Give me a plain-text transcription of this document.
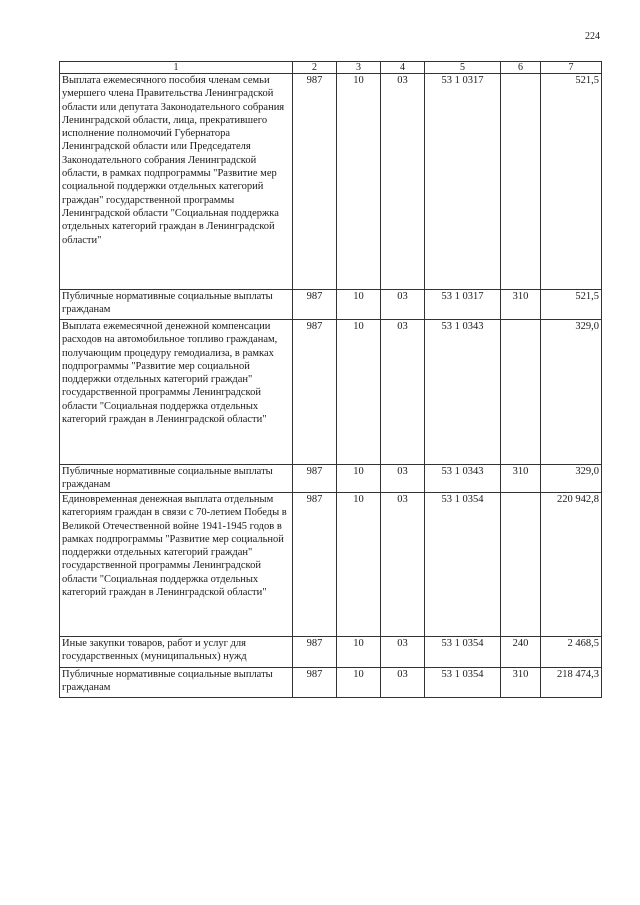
224
1	2	3	4	5	6	7
Выплата ежемесячного пособия членам семьи умершего члена Правительства Ленинградской области или депутата Законодательного собрания Ленинградской области, лица, прекратившего исполнение полномочий Губернатора Ленинградской области или Председателя Законодательного собрания Ленинградской области, в рамках подпрограммы "Развитие мер социальной поддержки отдельных категорий граждан" государственной программы Ленинградской области "Социальная поддержка отдельных категорий граждан в Ленинградской области"	987	10	03	53 1 0317		521,5
Публичные нормативные социальные выплаты гражданам	987	10	03	53 1 0317	310	521,5
Выплата ежемесячной денежной компенсации расходов на автомобильное топливо гражданам, получающим процедуру гемодиализа, в рамках подпрограммы "Развитие мер социальной поддержки отдельных категорий граждан" государственной программы Ленинградской области "Социальная поддержка отдельных категорий граждан в Ленинградской области"	987	10	03	53 1 0343		329,0
Публичные нормативные социальные выплаты гражданам	987	10	03	53 1 0343	310	329,0
Единовременная денежная выплата отдельным категориям граждан в связи с 70-летием Победы в Великой Отечественной войне 1941-1945 годов в рамках подпрограммы "Развитие мер социальной поддержки отдельных категорий граждан" государственной программы Ленинградской области "Социальная поддержка отдельных категорий граждан в Ленинградской области"	987	10	03	53 1 0354		220 942,8
Иные закупки товаров, работ и услуг для государственных (муниципальных) нужд	987	10	03	53 1 0354	240	2 468,5
Публичные нормативные социальные выплаты гражданам	987	10	03	53 1 0354	310	218 474,3
